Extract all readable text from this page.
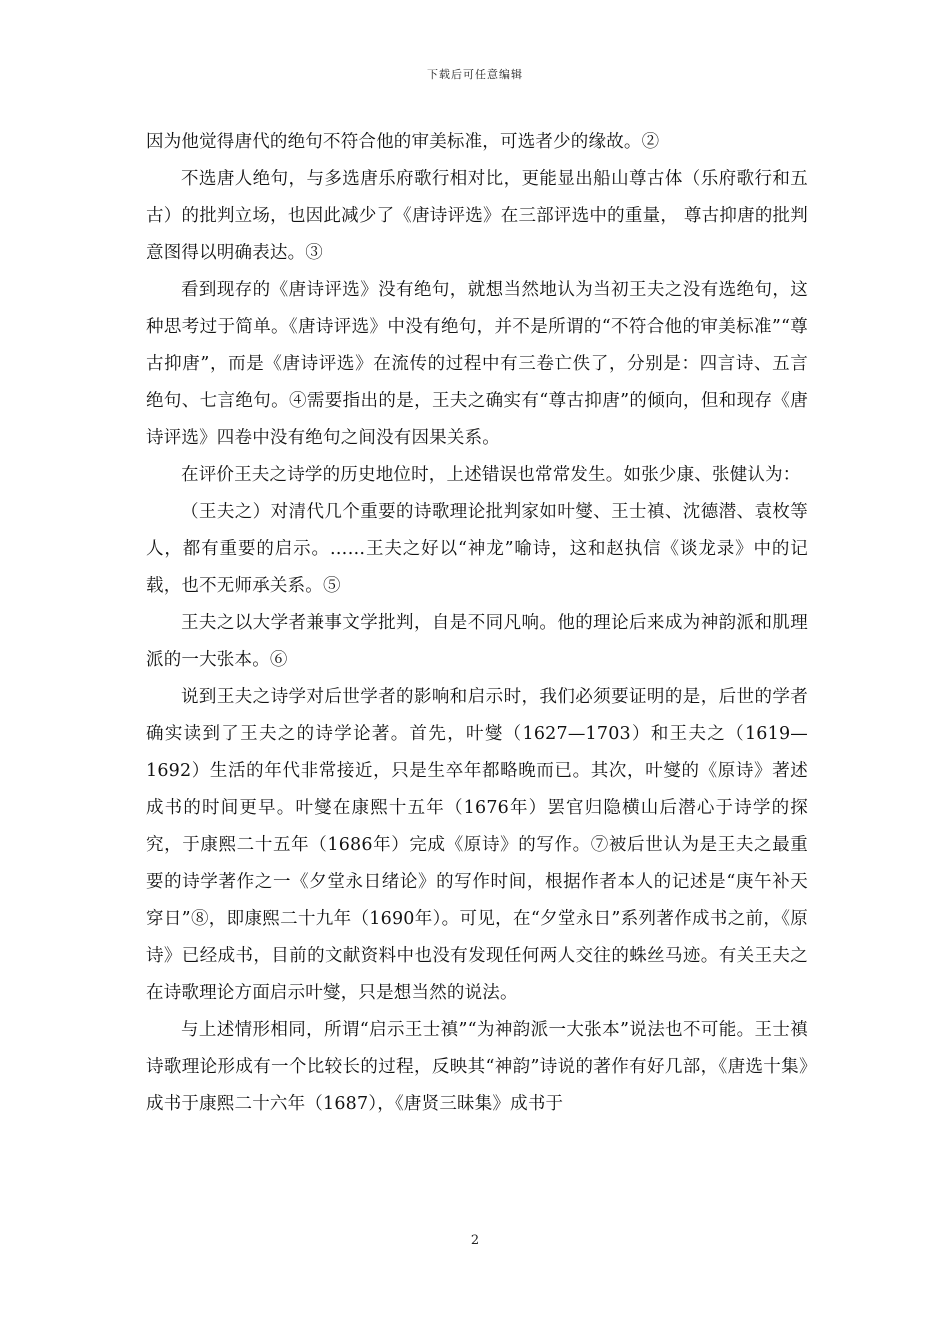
下载后可任意编辑

因为他觉得唐代的绝句不符合他的审美标准，可选者少的缘故。②

不选唐人绝句，与多选唐乐府歌行相对比，更能显出船山尊古体（乐府歌行和五古）的批判立场，也因此减少了《唐诗评选》在三部评选中的重量， 尊古抑唐的批判意图得以明确表达。③

看到现存的《唐诗评选》没有绝句，就想当然地认为当初王夫之没有选绝句，这种思考过于简单。《唐诗评选》中没有绝句，并不是所谓的“不符合他的审美标准”“尊古抑唐”，而是《唐诗评选》在流传的过程中有三卷亡佚了，分别是：四言诗、五言绝句、七言绝句。④需要指出的是，王夫之确实有“尊古抑唐”的倾向，但和现存《唐诗评选》四卷中没有绝句之间没有因果关系。

在评价王夫之诗学的历史地位时，上述错误也常常发生。如张少康、张健认为：

（王夫之）对清代几个重要的诗歌理论批判家如叶燮、王士禛、沈德潜、袁枚等人，都有重要的启示。……王夫之好以“神龙”喻诗，这和赵执信《谈龙录》中的记载，也不无师承关系。⑤

王夫之以大学者兼事文学批判，自是不同凡响。他的理论后来成为神韵派和肌理派的一大张本。⑥

说到王夫之诗学对后世学者的影响和启示时，我们必须要证明的是，后世的学者确实读到了王夫之的诗学论著。首先，叶燮（1627—1703）和王夫之（1619—1692）生活的年代非常接近，只是生卒年都略晚而已。其次，叶燮的《原诗》著述成书的时间更早。叶燮在康熙十五年（1676年）罢官归隐横山后潜心于诗学的探究，于康熙二十五年（1686年）完成《原诗》的写作。⑦被后世认为是王夫之最重要的诗学著作之一《夕堂永日绪论》的写作时间，根据作者本人的记述是“庚午补天穿日”⑧，即康熙二十九年（1690年）。可见，在“夕堂永日”系列著作成书之前，《原诗》已经成书，目前的文献资料中也没有发现任何两人交往的蛛丝马迹。有关王夫之在诗歌理论方面启示叶燮，只是想当然的说法。

与上述情形相同，所谓“启示王士禛”“为神韵派一大张本”说法也不可能。王士禛诗歌理论形成有一个比较长的过程，反映其“神韵”诗说的著作有好几部，《唐选十集》成书于康熙二十六年（1687），《唐贤三昧集》成书于

2
